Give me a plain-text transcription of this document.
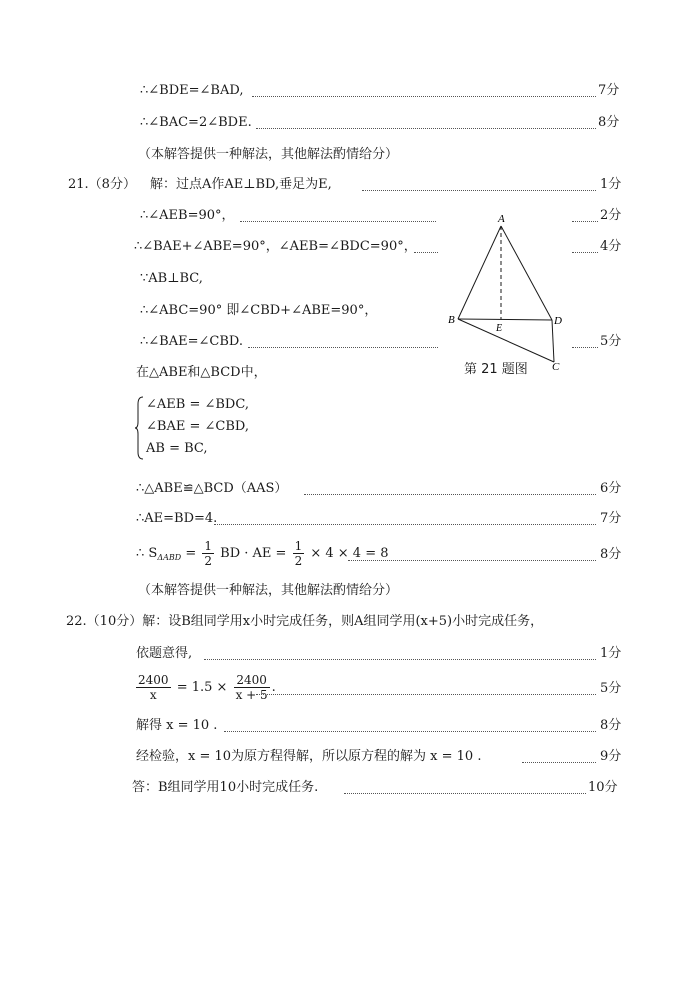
∴∠BDE=∠BAD,	7分
∴∠BAC=2∠BDE.	8分
（本解答提供一种解法，其他解法酌情给分）
21.（8分） 解：过点A作AE⊥BD,垂足为E,	1分
∴∠AEB=90°，	2分
∴∠BAE+∠ABE=90°，∠AEB=∠BDC=90°，	4分
∵AB⊥BC,
∴∠ABC=90° 即∠CBD+∠ABE=90°，
∴∠BAE=∠CBD.	5分
在△ABE和△BCD中，
∠AEB = ∠BDC,
∠BAE = ∠CBD,
AB = BC,
∴△ABE≌△BCD（AAS）	6分
∴AE=BD=4.	7分
∴ $S_{\Delta ABD} = \frac{1}{2}$ BD · AE = $\frac{1}{2} \times 4 \times 4 = 8$	8分
（本解答提供一种解法，其他解法酌情给分）
22.（10分）解：设B组同学用x小时完成任务，则A组同学用(x+5)小时完成任务，
依题意得,	1分
$\frac{2400}{x} = 1.5 \times \frac{2400}{x + 5}$ .	5分
解得 x = 10 .	8分
经检验，x = 10为原方程得解，所以原方程的解为 x = 10 .	9分
答：B组同学用10小时完成任务.	10分
A
B
E
D
C
第 21 题图
